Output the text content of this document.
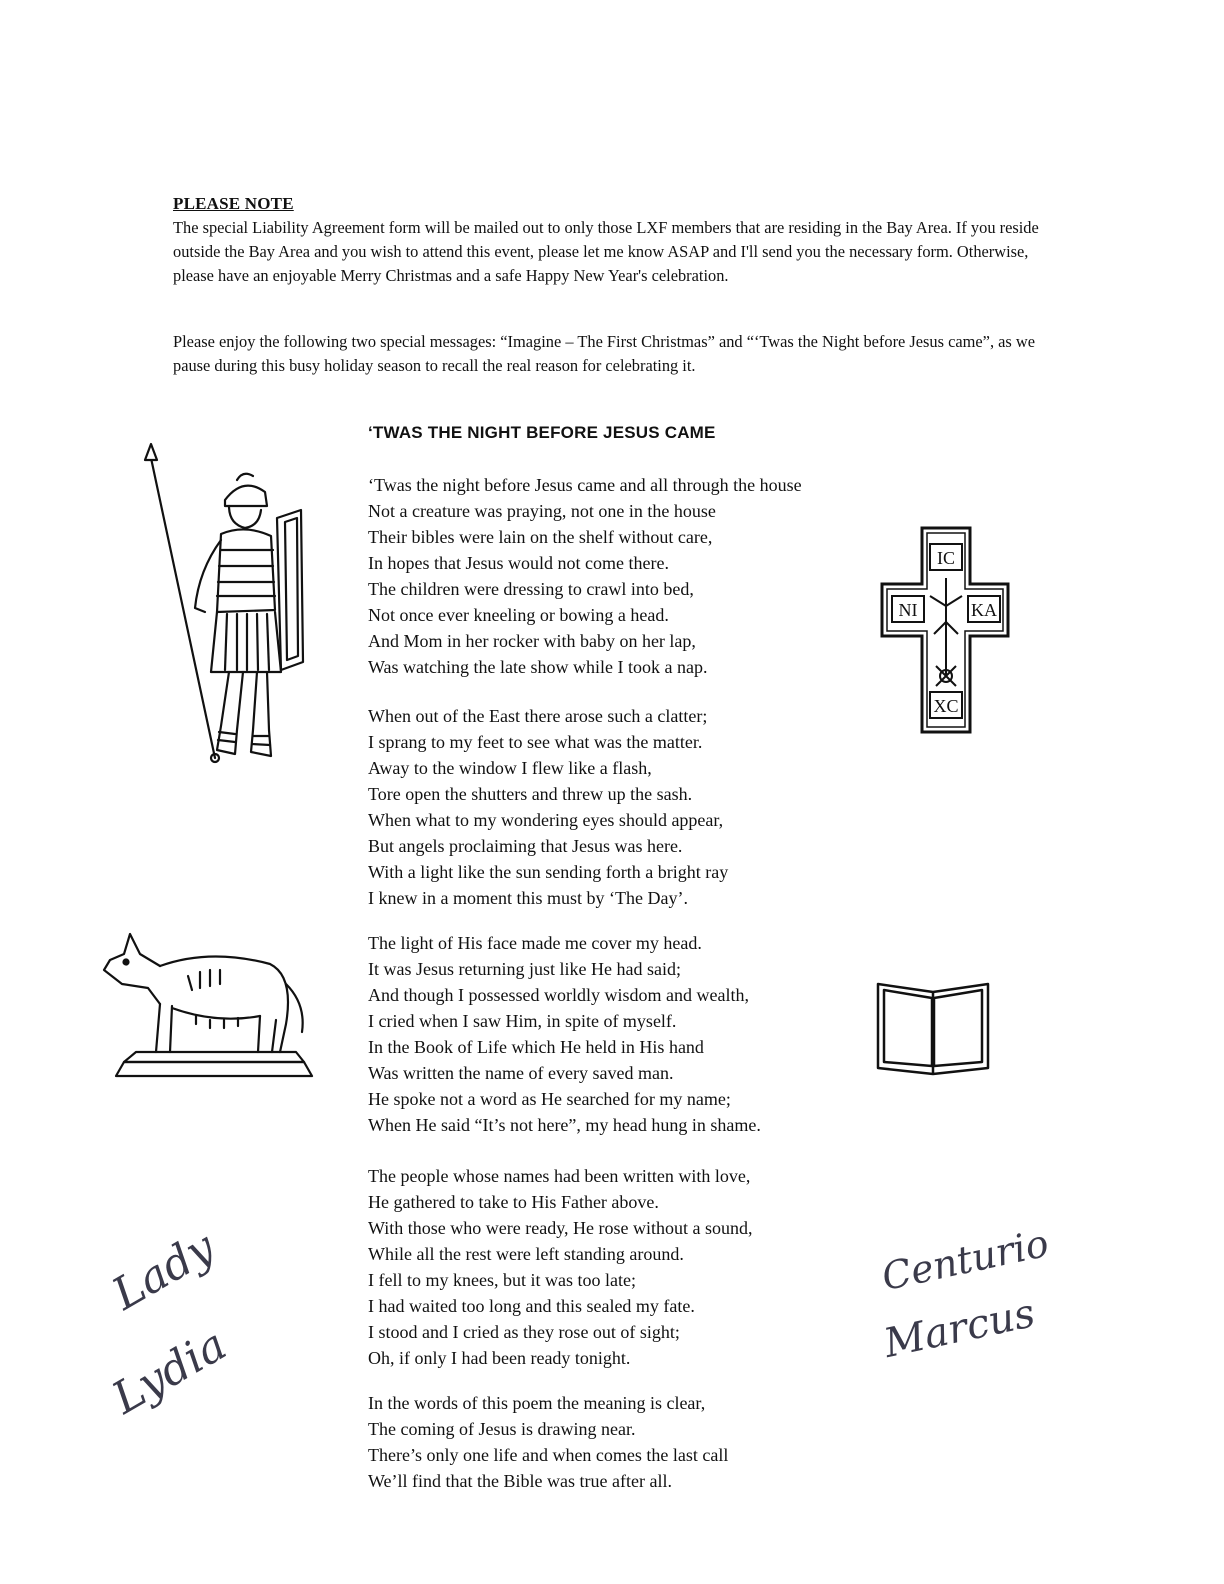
PLEASE NOTE

The special Liability Agreement form will be mailed out to only those LXF members that are residing in the Bay Area. If you reside outside the Bay Area and you wish to attend this event, please let me know ASAP and I'll send you the necessary form. Otherwise, please have an enjoyable Merry Christmas and a safe Happy New Year's celebration.

Please enjoy the following two special messages: “Imagine – The First Christmas” and “‘Twas the Night before Jesus came”, as we pause during this busy holiday season to recall the real reason for celebrating it.

‘TWAS THE NIGHT BEFORE JESUS CAME
‘Twas the night before Jesus came and all through the house
Not a creature was praying, not one in the house
Their bibles were lain on the shelf without care,
In hopes that Jesus would not come there.
The children were dressing to crawl into bed,
Not once ever kneeling or bowing a head.
And Mom in her rocker with baby on her lap,
Was watching the late show while I took a nap.
When out of the East there arose such a clatter;
I sprang to my feet to see what was the matter.
Away to the window I flew like a flash,
Tore open the shutters and threw up the sash.
When what to my wondering eyes should appear,
But angels proclaiming that Jesus was here.
With a light like the sun sending forth a bright ray
I knew in a moment this must by ‘The Day’.
The light of His face made me cover my head.
It was Jesus returning just like He had said;
And though I possessed worldly wisdom and wealth,
I cried when I saw Him, in spite of myself.
In the Book of Life which He held in His hand
Was written the name of every saved man.
He spoke not a word as He searched for my name;
When He said “It’s not here”, my head hung in shame.
The people whose names had been written with love,
He gathered to take to His Father above.
With those who were ready, He rose without a sound,
While all the rest were left standing around.
I fell to my knees, but it was too late;
I had waited too long and this sealed my fate.
I stood and I cried as they rose out of sight;
Oh, if only I had been ready tonight.
In the words of this poem the meaning is clear,
The coming of Jesus is drawing near.
There’s only one life and when comes the last call
We’ll find that the Bible was true after all.
IC
NI	KA
XC
Lady
Lydia
Centurio
Marcus
